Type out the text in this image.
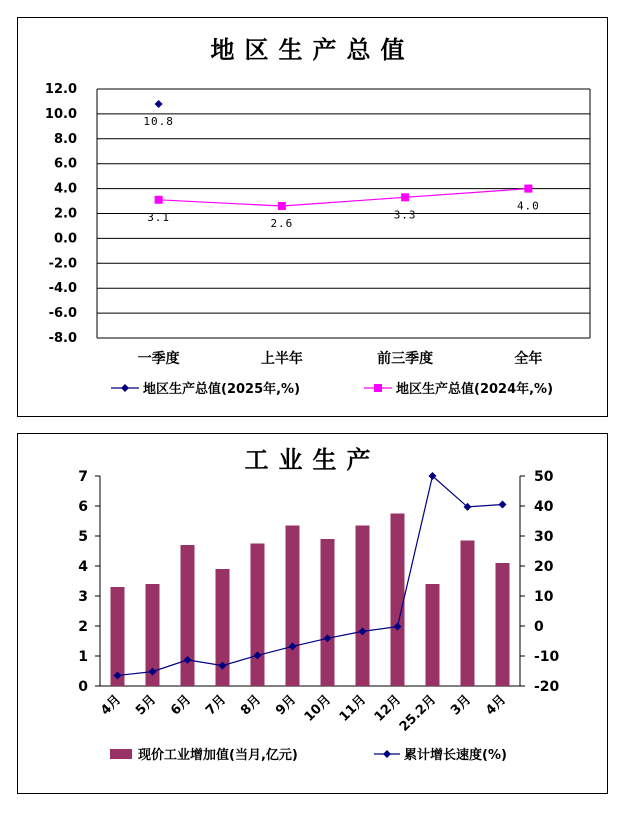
地区生产总值
12.0
10.0
8.0
6.0
4.0
2.0
0.0
-2.0
-4.0
-6.0
-8.0
一季度	上半年	前三季度	全年
10.8
3.1	2.6
3.3
4.0
地区生产总值(2025年,%)	地区生产总值(2024年,%)
工业生产
0
1
2
3
4
5
6
7
-20
-10
0
10
20
30
40
50
4月 5月 6月 7月 8月 9月 10月 11月 12月
25.2月 3月 4月
现价工业增加值(当月,亿元)	累计增长速度(%)
